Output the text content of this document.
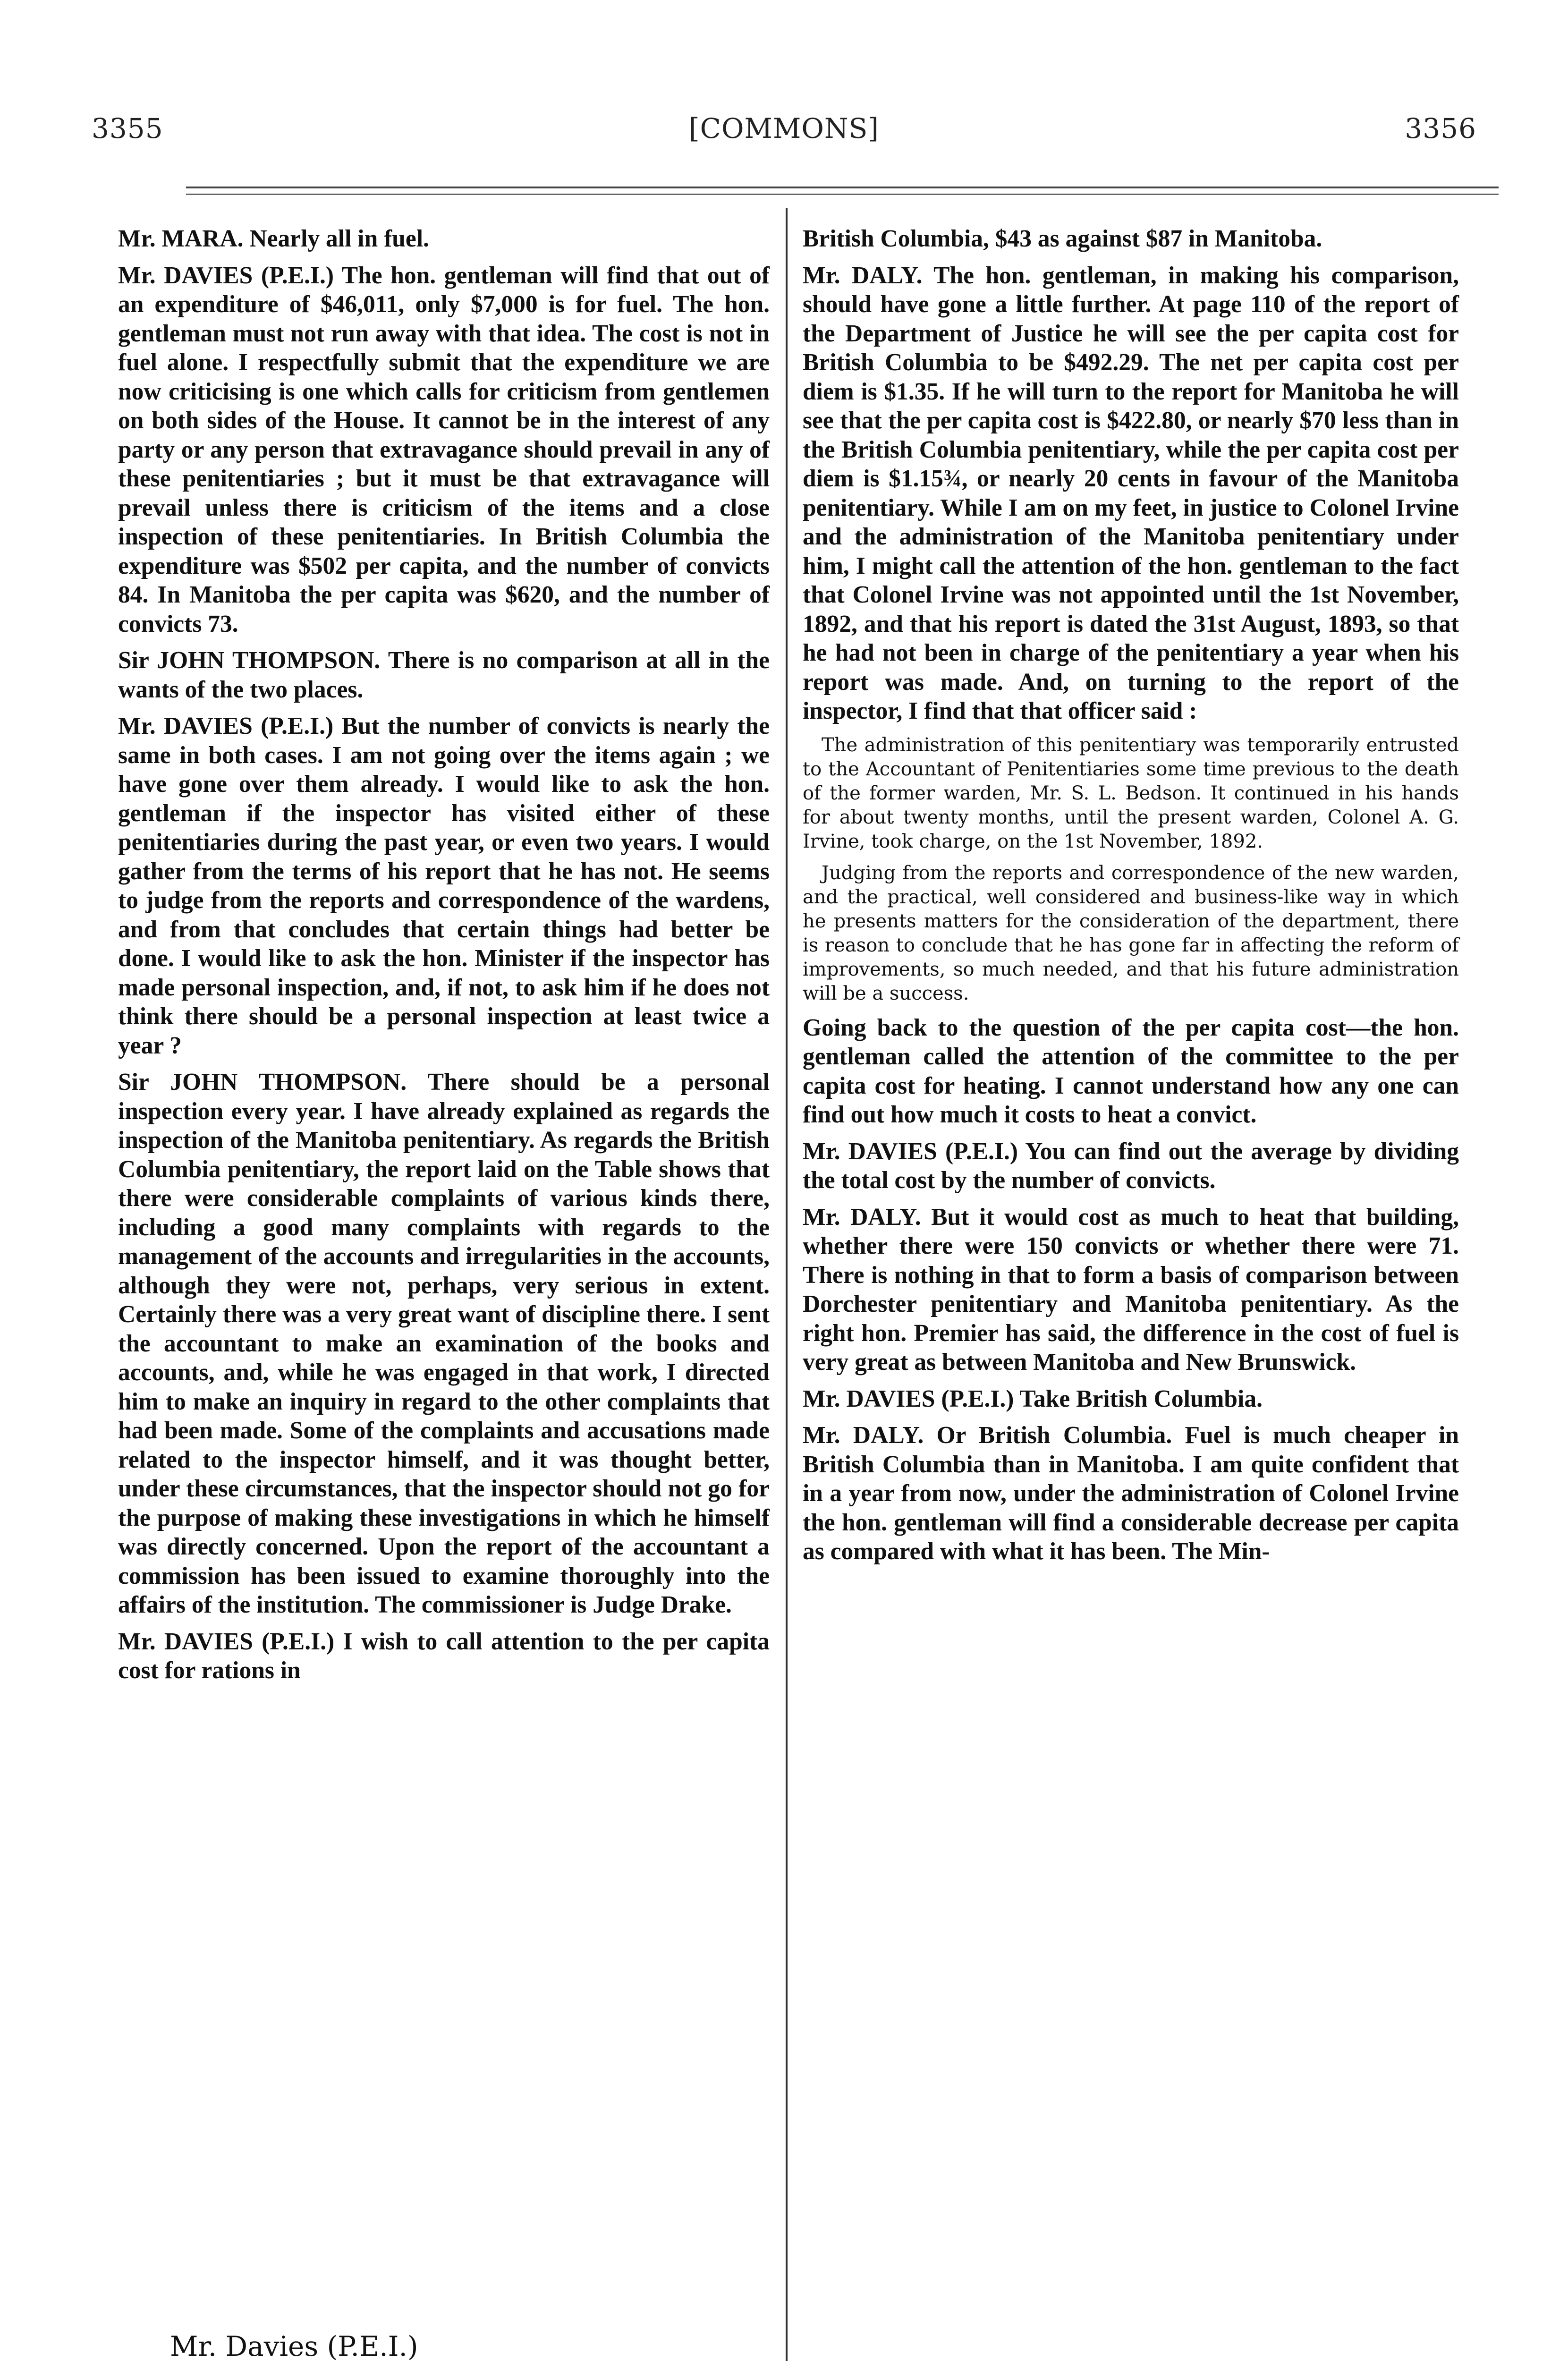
3355	[COMMONS]	3356

Mr. MARA. Nearly all in fuel.

Mr. DAVIES (P.E.I.) The hon. gentleman will find that out of an expenditure of $46,011, only $7,000 is for fuel. The hon. gentleman must not run away with that idea. The cost is not in fuel alone. I respectfully submit that the expenditure we are now criticising is one which calls for criticism from gentlemen on both sides of the House. It cannot be in the interest of any party or any person that extravagance should prevail in any of these penitentiaries ; but it must be that extravagance will prevail unless there is criticism of the items and a close inspection of these penitentiaries. In British Columbia the expenditure was $502 per capita, and the number of convicts 84. In Manitoba the per capita was $620, and the number of convicts 73.

Sir JOHN THOMPSON. There is no comparison at all in the wants of the two places.

Mr. DAVIES (P.E.I.) But the number of convicts is nearly the same in both cases. I am not going over the items again ; we have gone over them already. I would like to ask the hon. gentleman if the inspector has visited either of these penitentiaries during the past year, or even two years. I would gather from the terms of his report that he has not. He seems to judge from the reports and correspondence of the wardens, and from that concludes that certain things had better be done. I would like to ask the hon. Minister if the inspector has made personal inspection, and, if not, to ask him if he does not think there should be a personal inspection at least twice a year ?

Sir JOHN THOMPSON. There should be a personal inspection every year. I have already explained as regards the inspection of the Manitoba penitentiary. As regards the British Columbia penitentiary, the report laid on the Table shows that there were considerable complaints of various kinds there, including a good many complaints with regards to the management of the accounts and irregularities in the accounts, although they were not, perhaps, very serious in extent. Certainly there was a very great want of discipline there. I sent the accountant to make an examination of the books and accounts, and, while he was engaged in that work, I directed him to make an inquiry in regard to the other complaints that had been made. Some of the complaints and accusations made related to the inspector himself, and it was thought better, under these circumstances, that the inspector should not go for the purpose of making these investigations in which he himself was directly concerned. Upon the report of the accountant a commission has been issued to examine thoroughly into the affairs of the institution. The commissioner is Judge Drake.

Mr. DAVIES (P.E.I.) I wish to call attention to the per capita cost for rations in

British Columbia, $43 as against $87 in Manitoba.

Mr. DALY. The hon. gentleman, in making his comparison, should have gone a little further. At page 110 of the report of the Department of Justice he will see the per capita cost for British Columbia to be $492.29. The net per capita cost per diem is $1.35. If he will turn to the report for Manitoba he will see that the per capita cost is $422.80, or nearly $70 less than in the British Columbia penitentiary, while the per capita cost per diem is $1.15¾, or nearly 20 cents in favour of the Manitoba penitentiary. While I am on my feet, in justice to Colonel Irvine and the administration of the Manitoba penitentiary under him, I might call the attention of the hon. gentleman to the fact that Colonel Irvine was not appointed until the 1st November, 1892, and that his report is dated the 31st August, 1893, so that he had not been in charge of the penitentiary a year when his report was made. And, on turning to the report of the inspector, I find that that officer said :

The administration of this penitentiary was temporarily entrusted to the Accountant of Penitentiaries some time previous to the death of the former warden, Mr. S. L. Bedson. It continued in his hands for about twenty months, until the present warden, Colonel A. G. Irvine, took charge, on the 1st November, 1892.

Judging from the reports and correspondence of the new warden, and the practical, well considered and business-like way in which he presents matters for the consideration of the department, there is reason to conclude that he has gone far in affecting the reform of improvements, so much needed, and that his future administration will be a success.

Going back to the question of the per capita cost—the hon. gentleman called the attention of the committee to the per capita cost for heating. I cannot understand how any one can find out how much it costs to heat a convict.

Mr. DAVIES (P.E.I.) You can find out the average by dividing the total cost by the number of convicts.

Mr. DALY. But it would cost as much to heat that building, whether there were 150 convicts or whether there were 71. There is nothing in that to form a basis of comparison between Dorchester penitentiary and Manitoba penitentiary. As the right hon. Premier has said, the difference in the cost of fuel is very great as between Manitoba and New Brunswick.

Mr. DAVIES (P.E.I.) Take British Columbia.

Mr. DALY. Or British Columbia. Fuel is much cheaper in British Columbia than in Manitoba. I am quite confident that in a year from now, under the administration of Colonel Irvine the hon. gentleman will find a considerable decrease per capita as compared with what it has been. The Min-

Mr. Davies (P.E.I.)
